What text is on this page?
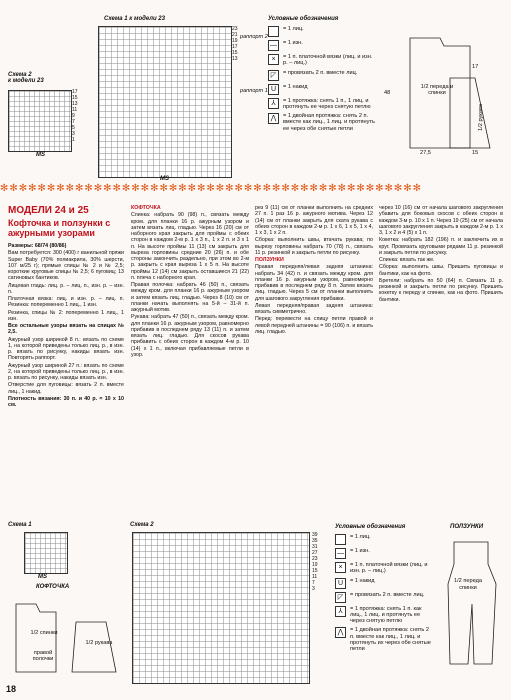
Схема 2
к модели 23
17
15
13
11
9
7
5
3
1
MS
Схема 1 к модели 23
23
21
19
17
15
13
раппорт 2
раппорт 1
MS
Условные обозначения
= 1 лиц.
—	= 1 изн.
×	= 1 п. платочной вязки (лиц. и изн. р. – лиц.)
◸	= провязать 2 п. вместе лиц.
U	= 1 накид
⅄	= 1 протяжка: снять 1 п., 1 лиц. и протянуть ее через снятую петлю
⋀	= 1 двойная протяжка: снять 2 п. вместе как лиц., 1 лиц. и протянуть ее через обе снятые петли
48
27,5
17
15
1/2 переда и спинки
1/2 рукава
✻✻✻✻✻✻✻✻✻✻✻✻✻✻✻✻✻✻✻✻✻✻✻✻✻✻✻✻✻✻✻✻✻✻✻✻✻✻✻✻✻✻✻✻✻
МОДЕЛИ 24 и 25
Кофточка и ползунки с ажурными узорами

Размеры: 68/74 (80/86)

Вам потребуется: 300 (400) г ванильной пряжи Super Baby (70% полиакрила, 30% шерсти, 107 м/25 г); прямые спицы № 2 и № 2,5; короткие круговые спицы № 2,5; 6 пуговиц; 13 сатиновых бантиков.

Лицевая гладь: лиц. р. – лиц. п., изн. р. – изн. п.

Платочная вязка: лиц. и изн. р. – лиц. п. Резинка: попеременно 1 лиц., 1 изн.

Резинка, спицы № 2: попеременно 1 лиц., 1 изн.

Все остальные узоры вязать на спицах № 2,5.

Ажурный узор шириной 8 п.: вязать по схеме 1, на которой приведены только лиц. р., в изн. р. вязать по рисунку, накиды вязать изн. Повторять раппорт.

Ажурный узор шириной 27 п.: вязать по схеме 2, на которой приведены только лиц. р., в изн. р. вязать по рисунку, накиды вязать изн.

Отверстие для пуговицы: вязать 2 п. вместе лиц., 1 накид.

Плотность вязания: 30 п. и 40 р. = 10 х 10 см.

КОФТОЧКА

Спинка: набрать 90 (98) п., связать между кром. для планки 16 р. ажурным узором и затем вязать лиц. гладью. Через 16 (20) см от наборного края закрыть для проймы с обеих сторон в каждом 2-м р. 1 х 3 п., 1 х 2 п. и 3 х 1 п. На высоте проймы 11 (13) см закрыть для выреза горловины средние 20 (26) п. и обе стороны закончить раздельно, при этом во 2-м р. закрыть с края выреза 1 х 5 п. На высоте проймы 12 (14) см закрыть оставшиеся 21 (22) п. плеча с наборного края.

Правая полочка: набрать 46 (50) п., связать между кром. для планки 16 р. ажурным узором и затем вязать лиц. гладью. Через 8 (10) см от планки начать выполнять на 5-й – 31-й п. ажурный мотив.

Рукава: набрать 47 (50) п., связать между кром. для планки 16 р. ажурным узором, равномерно прибавив в последнем ряду 13 (11) п. и затем вязать лиц. гладью. Для скосов рукава прибавить с обеих сторон в каждом 4-м р. 10 (14) х 1 п., включая прибавляемые петли в узор.

рез 9 (11) см от планки выполнить на средних 27 п. 1 раз 16 р. ажурного мотива. Через 12 (14) см от планки закрыть для ската рукава с обеих сторон в каждом 2-м р. 1 х 6, 1 х 5, 1 х 4, 1 х 3, 1 х 2 п.

Сборка: выполнить швы, втачать рукава; по вырезу горловины набрать 70 (78) п., связать 11 р. резинкой и закрыть петли по рисунку.

ПОЛЗУНКИ

Правая передняя/левая задняя штанина: набрать 34 (42) п. и связать между кром. для планки 16 р. ажурным узором, равномерно прибавив в последнем ряду 8 п. Затем вязать лиц. гладью. Через 5 см от планки выполнить для шагового закругления прибавки.

Левая передняя/правая задняя штанина: вязать симметрично.

Перед: перевести на спицу петли правой и левой передней штанины = 90 (106) п. и вязать лиц. гладью.

через 10 (16) см от начала шагового закругления убавить для боковых скосов с обеих сторон в каждом 3-м р. 10 х 1 п. Через 19 (25) см от начала шагового закругления закрыть в каждом 2-м р. 1 х 3, 1 х 2 и 4 (5) х 1 п.

Кокетка: набрать 182 (196) п. и заключить их в круг. Провязать круговыми рядами 11 р. резинкой и закрыть петли по рисунку.

Спинка: вязать так же.

Сборка: выполнить швы. Пришить пуговицы и бантики, как на фото.

Бретели: набрать по 50 (64) п. Связать 11 р. резинкой и закрыть петли по рисунку. Пришить кокетку к переду и спинке, как на фото. Пришить бантики.

Схема 1
MS
КОФТОЧКА
1/2 спинки
правой полочки
1/2 рукава
Схема 2
39
35
31
27
23
19
15
11
7
3
Условные обозначения
= 1 лиц.
—	= 1 изн.
×	= 1 п. платочной вязки (лиц. и изн. р. – лиц.)
U	= 1 накид
◸	= провязать 2 п. вместе лиц.
⅄	= 1 протяжка: снять 1 п. как лиц., 1 лиц. и протянуть ее через снятую петлю
⋀	= 1 двойная протяжка: снять 2 п. вместе как лиц., 1 лиц. и протянуть их через обе снятые петли
ПОЛЗУНКИ
1/2 переда
спинки
18
